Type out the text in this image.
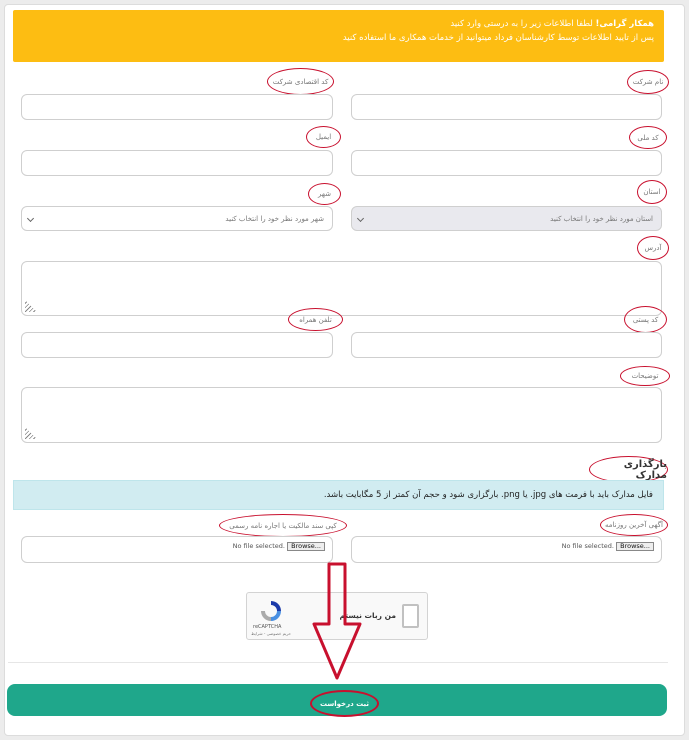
همکار گرامی! لطفا اطلاعات زیر را به درستی وارد کنید
پس از تایید اطلاعات توسط کارشناسان فرداد میتوانید از خدمات همکاری ما استفاده کنید
نام شرکت
کد اقتصادی شرکت
کد ملی
ایمیل
استان
شهر
استان مورد نظر خود را انتخاب کنید
شهر مورد نظر خود را انتخاب کنید
آدرس
کد پستی
تلفن همراه
توضیحات
بارگذاری مدارک
فایل مدارک باید با فرمت های jpg. یا png. بارگزاری شود و حجم آن کمتر از 5 مگابایت باشد.
آگهی آخرین روزنامه
کپی سند مالکیت یا اجاره نامه رسمی
Browse...
No file selected.
Browse...
No file selected.
من ربات نیستم
reCAPTCHA
حریم خصوصی - شرایط
ثبت درخواست
